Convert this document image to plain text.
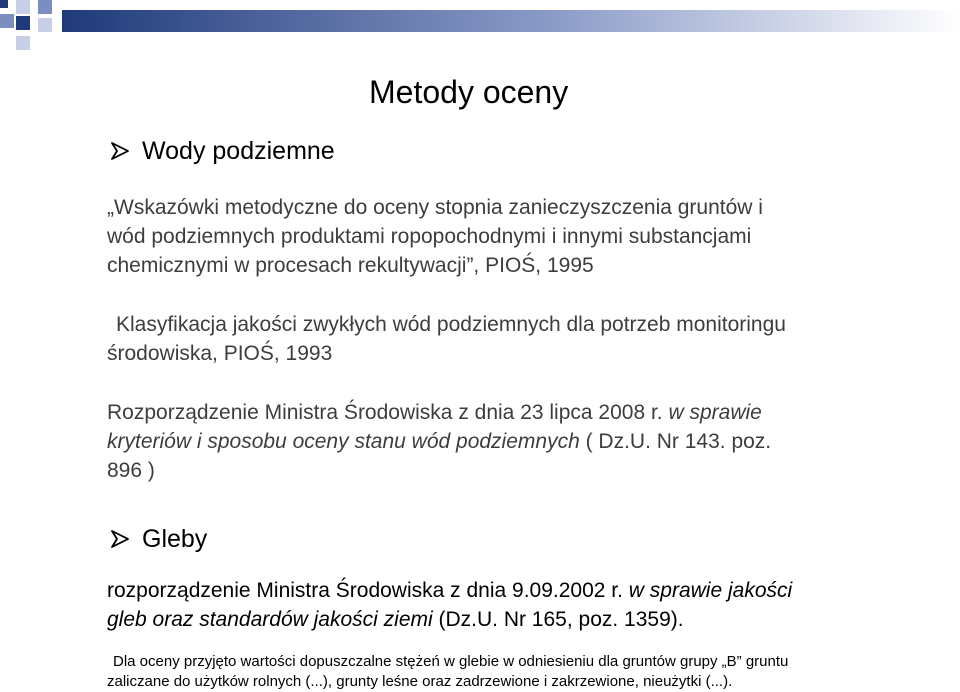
Metody oceny
Wody podziemne
„Wskazówki metodyczne do oceny stopnia zanieczyszczenia gruntów i
wód podziemnych produktami ropopochodnymi i innymi substancjami
chemicznymi w procesach rekultywacji”, PIOŚ, 1995
Klasyfikacja jakości zwykłych wód podziemnych dla potrzeb monitoringu
środowiska, PIOŚ, 1993
Rozporządzenie Ministra Środowiska z dnia 23 lipca 2008 r. w sprawie
kryteriów i sposobu oceny stanu wód podziemnych ( Dz.U. Nr 143. poz.
896 )
Gleby
rozporządzenie Ministra Środowiska z dnia 9.09.2002 r. w sprawie jakości
gleb oraz standardów jakości ziemi (Dz.U. Nr 165, poz. 1359).
Dla oceny przyjęto wartości dopuszczalne stężeń w glebie w odniesieniu dla gruntów grupy „B” gruntu
zaliczane do użytków rolnych (...), grunty leśne oraz zadrzewione i zakrzewione, nieużytki (...).
